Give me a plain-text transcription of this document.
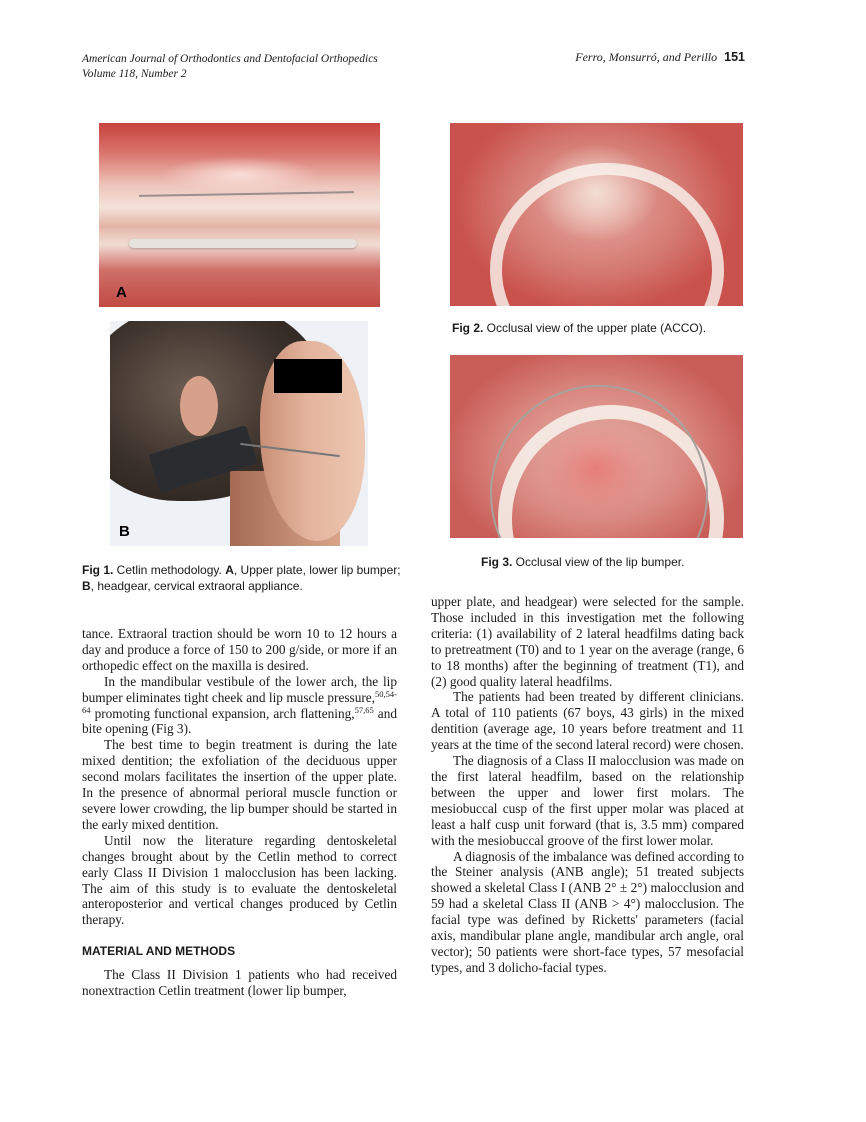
American Journal of Orthodontics and Dentofacial Orthopedics
Volume 118, Number 2
Ferro, Monsurró, and Perillo 151
A
B
Fig 2. Occlusal view of the upper plate (ACCO).
Fig 3. Occlusal view of the lip bumper.
Fig 1. Cetlin methodology. A, Upper plate, lower lip bumper; B, headgear, cervical extraoral appliance.

tance. Extraoral traction should be worn 10 to 12 hours a day and produce a force of 150 to 200 g/side, or more if an orthopedic effect on the maxilla is desired.

In the mandibular vestibule of the lower arch, the lip bumper eliminates tight cheek and lip muscle pressure,$^{50,54-64}$ promoting functional expansion, arch flattening,$^{57,65}$ and bite opening (Fig 3).

The best time to begin treatment is during the late mixed dentition; the exfoliation of the deciduous upper second molars facilitates the insertion of the upper plate. In the presence of abnormal perioral muscle function or severe lower crowding, the lip bumper should be started in the early mixed dentition.

Until now the literature regarding dentoskeletal changes brought about by the Cetlin method to correct early Class II Division 1 malocclusion has been lacking. The aim of this study is to evaluate the dentoskeletal anteroposterior and vertical changes produced by Cetlin therapy.

MATERIAL AND METHODS

The Class II Division 1 patients who had received nonextraction Cetlin treatment (lower lip bumper,

upper plate, and headgear) were selected for the sample. Those included in this investigation met the following criteria: (1) availability of 2 lateral headfilms dating back to pretreatment (T0) and to 1 year on the average (range, 6 to 18 months) after the beginning of treatment (T1), and (2) good quality lateral headfilms.

The patients had been treated by different clinicians. A total of 110 patients (67 boys, 43 girls) in the mixed dentition (average age, 10 years before treatment and 11 years at the time of the second lateral record) were chosen.

The diagnosis of a Class II malocclusion was made on the first lateral headfilm, based on the relationship between the upper and lower first molars. The mesiobuccal cusp of the first upper molar was placed at least a half cusp unit forward (that is, 3.5 mm) compared with the mesiobuccal groove of the first lower molar.

A diagnosis of the imbalance was defined according to the Steiner analysis (ANB angle); 51 treated subjects showed a skeletal Class I (ANB 2° ± 2°) malocclusion and 59 had a skeletal Class II (ANB > 4°) malocclusion. The facial type was defined by Ricketts' parameters (facial axis, mandibular plane angle, mandibular arch angle, oral vector); 50 patients were short-face types, 57 mesofacial types, and 3 dolicho-facial types.
